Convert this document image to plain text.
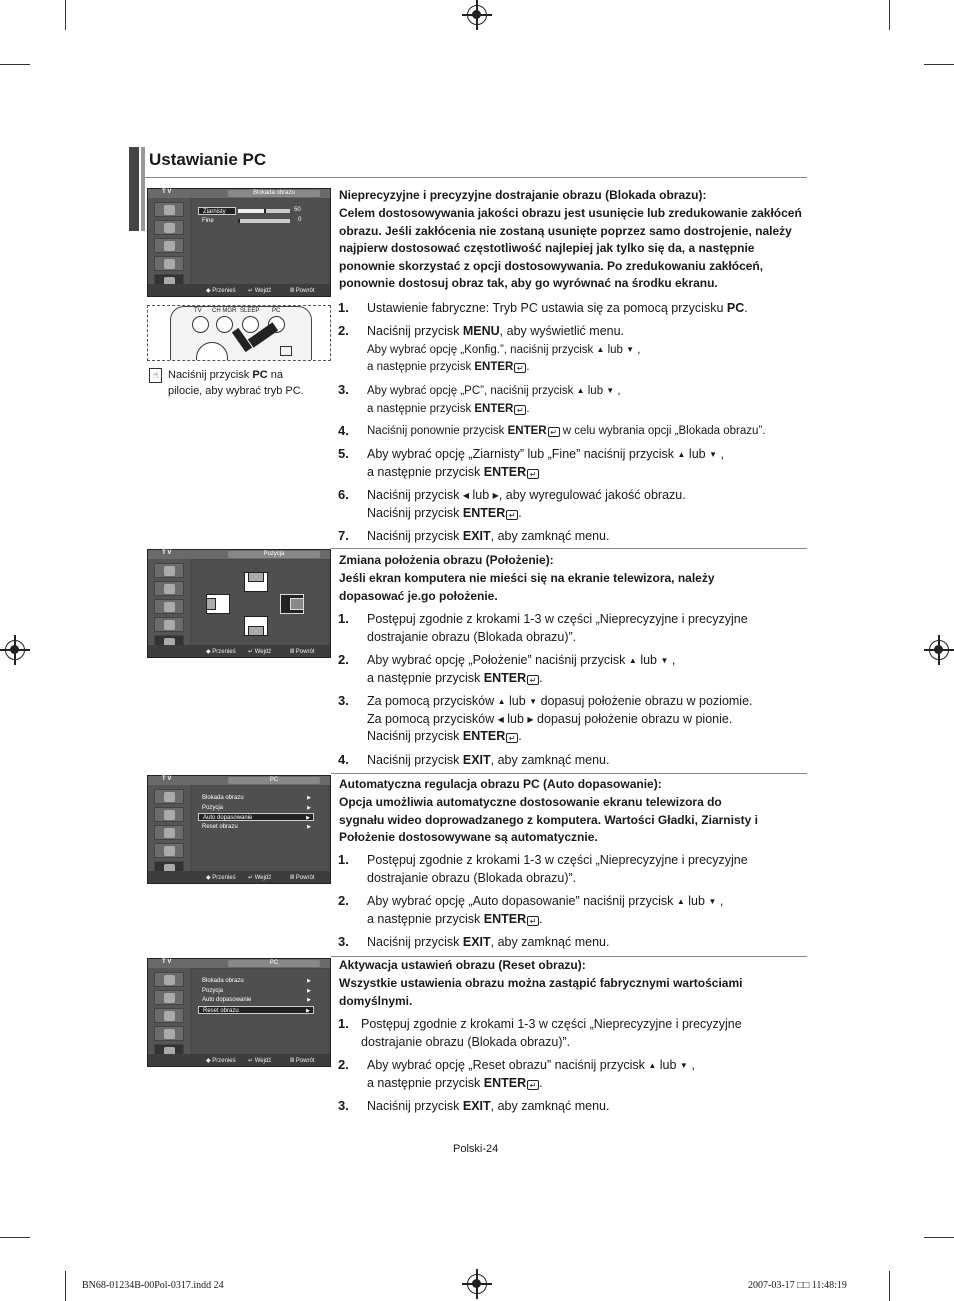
Ustawianie PC
T V	Blokada obrazu
Ziarnisty	50
Fine	0
◆ Przenieś ↵ Wejdź	Ⅲ Powrót
TV CH MGR SLEEP PC
☝ Naciśnij przycisk PC na
pilocie, aby wybrać tryb PC.
Nieprecyzyjne i precyzyjne dostrajanie obrazu (Blokada obrazu):
Celem dostosowywania jakości obrazu jest usunięcie lub zredukowanie zakłóceń
obrazu. Jeśli zakłócenia nie zostaną usunięte poprzez samo dostrojenie, należy
najpierw dostosować częstotliwość najlepiej jak tylko się da, a następnie
ponownie skorzystać z opcji dostosowywania. Po zredukowaniu zakłóceń,
ponownie dostosuj obraz tak, aby go wyrównać na środku ekranu.
1. Ustawienie fabryczne: Tryb PC ustawia się za pomocą przycisku PC.
2. Naciśnij przycisk MENU, aby wyświetlić menu.
Aby wybrać opcję „Konfig.”, naciśnij przycisk ▲ lub ▼ ,
a następnie przycisk ENTER ↵ .
3. Aby wybrać opcję „PC”, naciśnij przycisk ▲ lub ▼ ,
a następnie przycisk ENTER ↵ .
4. Naciśnij ponownie przycisk ENTER ↵ w celu wybrania opcji „Blokada obrazu”.
5. Aby wybrać opcję „Ziarnisty” lub „Fine” naciśnij przycisk ▲ lub ▼ ,
a następnie przycisk ENTER ↵
6. Naciśnij przycisk ◀ lub ▶, aby wyregulować jakość obrazu.
Naciśnij przycisk ENTER ↵ .
7. Naciśnij przycisk EXIT, aby zamknąć menu.
T V	Pozycja
◆ Przenieś ↵ Wejdź	Ⅲ Powrót
Zmiana położenia obrazu (Położenie):
Jeśli ekran komputera nie mieści się na ekranie telewizora, należy
dopasować je.go położenie.
1. Postępuj zgodnie z krokami 1-3 w części „Nieprecyzyjne i precyzyjne
dostrajanie obrazu (Blokada obrazu)”.
2. Aby wybrać opcję „Położenie” naciśnij przycisk ▲ lub ▼ ,
a następnie przycisk ENTER ↵ .
3. Za pomocą przycisków ▲ lub ▼ dopasuj położenie obrazu w poziomie.
Za pomocą przycisków ◀ lub ▶ dopasuj położenie obrazu w pionie.
Naciśnij przycisk ENTER ↵ .
4. Naciśnij przycisk EXIT, aby zamknąć menu.
T V	PC
Blokada obrazu	▶
Pozycja	▶
Auto dopasowanie	▶
Reset obrazu	▶
◆ Przenieś ↵ Wejdź	Ⅲ Powrót
Automatyczna regulacja obrazu PC (Auto dopasowanie):
Opcja umożliwia automatyczne dostosowanie ekranu telewizora do
sygnału wideo doprowadzanego z komputera. Wartości Gładki, Ziarnisty i
Położenie dostosowywane są automatycznie.
1. Postępuj zgodnie z krokami 1-3 w części „Nieprecyzyjne i precyzyjne
dostrajanie obrazu (Blokada obrazu)”.
2. Aby wybrać opcję „Auto dopasowanie” naciśnij przycisk ▲ lub ▼ ,
a następnie przycisk ENTER ↵ .
3. Naciśnij przycisk EXIT, aby zamknąć menu.
T V	PC
Blokada obrazu	▶
Pozycja	▶
Auto dopasowanie	▶
Reset obrazu	▶
◆ Przenieś ↵ Wejdź	Ⅲ Powrót
Aktywacja ustawień obrazu (Reset obrazu):
Wszystkie ustawienia obrazu można zastąpić fabrycznymi wartościami
domyślnymi.
1. Postępuj zgodnie z krokami 1-3 w części „Nieprecyzyjne i precyzyjne
dostrajanie obrazu (Blokada obrazu)”.
2. Aby wybrać opcję „Reset obrazu” naciśnij przycisk ▲ lub ▼ ,
a następnie przycisk ENTER ↵ .
3. Naciśnij przycisk EXIT, aby zamknąć menu.
Polski-24
BN68-01234B-00Pol-0317.indd 24	2007-03-17 □□ 11:48:19
